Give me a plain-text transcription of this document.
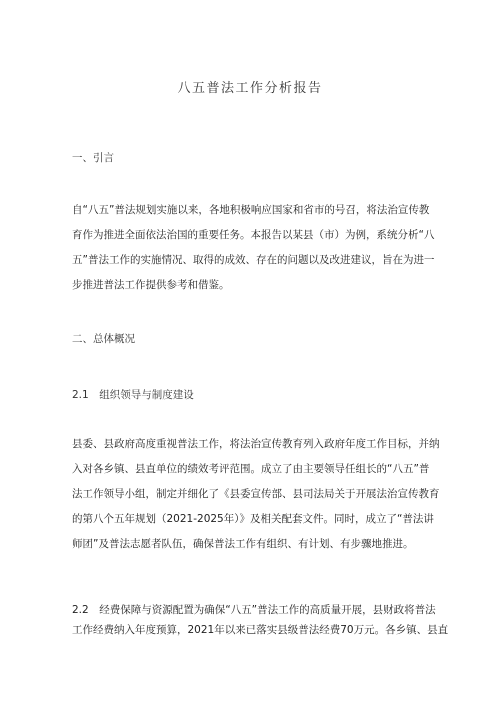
八五普法工作分析报告
一、引言
自“八五”普法规划实施以来，各地积极响应国家和省市的号召，将法治宣传教
育作为推进全面依法治国的重要任务。本报告以某县（市）为例，系统分析“八
五”普法工作的实施情况、取得的成效、存在的问题以及改进建议，旨在为进一
步推进普法工作提供参考和借鉴。
二、总体概况
2.1　组织领导与制度建设
县委、县政府高度重视普法工作，将法治宣传教育列入政府年度工作目标，并纳
入对各乡镇、县直单位的绩效考评范围。成立了由主要领导任组长的“八五”普
法工作领导小组，制定并细化了《县委宣传部、县司法局关于开展法治宣传教育
的第八个五年规划（2021-2025年）》及相关配套文件。同时，成立了“普法讲
师团”及普法志愿者队伍，确保普法工作有组织、有计划、有步骤地推进。
2.2　经费保障与资源配置为确保“八五”普法工作的高质量开展，县财政将普法
工作经费纳入年度预算，2021年以来已落实县级普法经费70万元。各乡镇、县直
